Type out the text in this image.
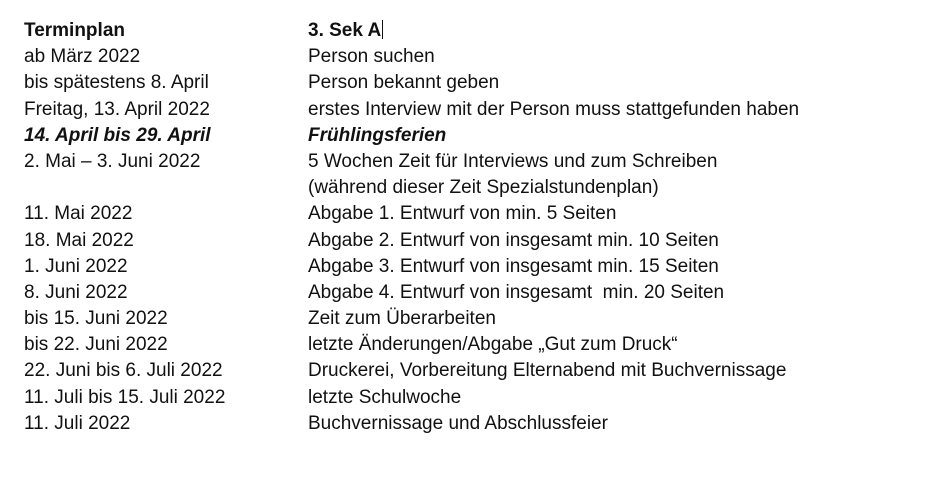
Terminplan	3. Sek A
ab März 2022	Person suchen
bis spätestens 8. April	Person bekannt geben
Freitag, 13. April 2022	erstes Interview mit der Person muss stattgefunden haben
14. April bis 29. April	Frühlingsferien
2. Mai – 3. Juni 2022	5 Wochen Zeit für Interviews und zum Schreiben
(während dieser Zeit Spezialstundenplan)
11. Mai 2022	Abgabe 1. Entwurf von min. 5 Seiten
18. Mai 2022	Abgabe 2. Entwurf von insgesamt min. 10 Seiten
1. Juni 2022	Abgabe 3. Entwurf von insgesamt min. 15 Seiten
8. Juni 2022	Abgabe 4. Entwurf von insgesamt  min. 20 Seiten
bis 15. Juni 2022	Zeit zum Überarbeiten
bis 22. Juni 2022	letzte Änderungen/Abgabe „Gut zum Druck“
22. Juni bis 6. Juli 2022	Druckerei, Vorbereitung Elternabend mit Buchvernissage
11. Juli bis 15. Juli 2022	letzte Schulwoche
11. Juli 2022	Buchvernissage und Abschlussfeier
